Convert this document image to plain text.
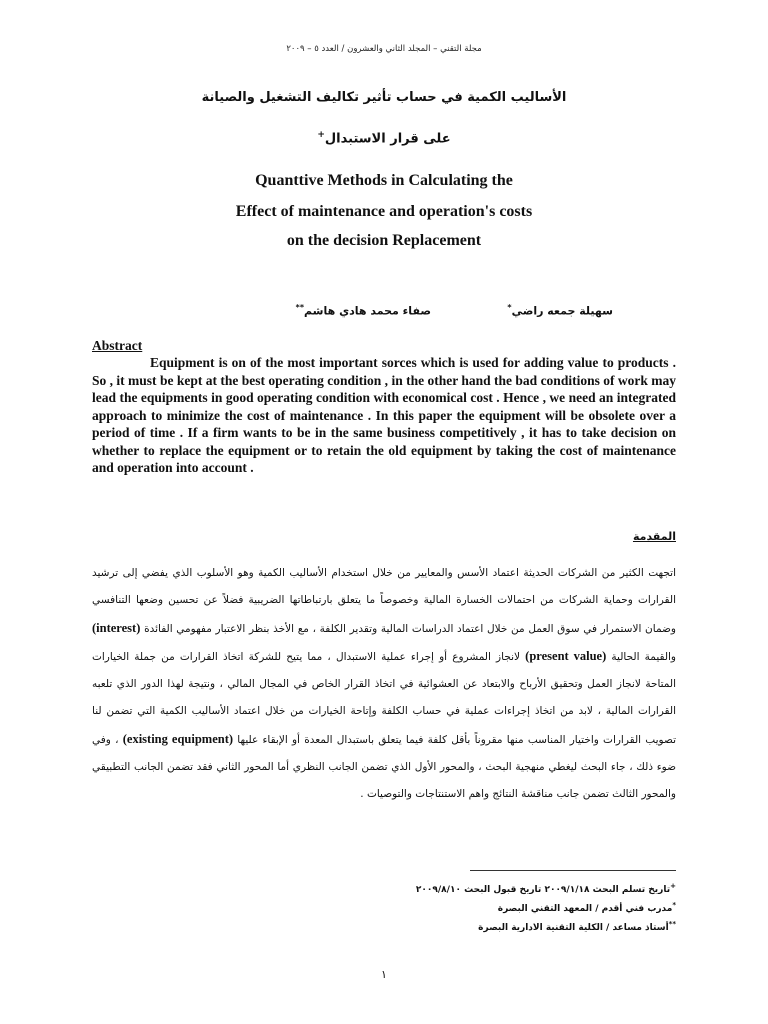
مجلة التقني – المجلد الثاني والعشرون / العدد ٥ – ٢٠٠٩
الأساليب الكمية في حساب تأثير تكاليف التشغيل والصيانة
على قرار الاستبدال+
Quanttive Methods in Calculating the
Effect of maintenance and operation's costs
on the decision Replacement
سهيلة جمعه راضي*
صفاء محمد هادي هاشم**
Abstract

Equipment is on of the most important sorces which is used for adding value to products . So , it must be kept at the best operating condition , in the other hand the bad conditions of work may lead the equipments in good operating condition with economical cost . Hence , we need an integrated approach to minimize the cost of maintenance . In this paper the equipment will be obsolete over a period of time . If a firm wants to be in the same business competitively , it has to take decision on whether to replace the equipment or to retain the old equipment by taking the cost of maintenance and operation into account .

المقدمة

اتجهت الكثير من الشركات الحديثة اعتماد الأسس والمعايير من خلال استخدام الأساليب الكمية وهو الأسلوب الذي يفضي إلى ترشيد القرارات وحماية الشركات من احتمالات الخسارة المالية وخصوصاً ما يتعلق بارتباطاتها الضريبية فضلاً عن تحسين وضعها التنافسي وضمان الاستمرار في سوق العمل من خلال اعتماد الدراسات المالية وتقدير الكلفة ، مع الأخذ بنظر الاعتبار مفهومي الفائدة (interest) والقيمة الحالية (present value) لانجاز المشروع أو إجراء عملية الاستبدال ، مما يتيح للشركة اتخاذ القرارات من جملة الخيارات المتاحة لانجاز العمل وتحقيق الأرباح والابتعاد عن العشوائية في اتخاذ القرار الخاص في المجال المالي ، ونتيجة لهذا الدور الذي تلعبه القرارات المالية ، لابد من اتخاذ إجراءات عملية في حساب الكلفة وإتاحة الخيارات من خلال اعتماد الأساليب الكمية التي تضمن لنا تصويب القرارات واختيار المناسب منها مقروناً بأقل كلفة فيما يتعلق باستبدال المعدة أو الإبقاء عليها (existing equipment) ، وفي ضوء ذلك ، جاء البحث ليغطي منهجية البحث ، والمحور الأول الذي تضمن الجانب النظري أما المحور الثاني فقد تضمن الجانب التطبيقي والمحور الثالث تضمن جانب مناقشة النتائج واهم الاستنتاجات والتوصيات .

+تاريخ تسلم البحث ٢٠٠٩/١/١٨ تاريخ قبول البحث ٢٠٠٩/٨/١٠
*مدرب فني أقدم / المعهد التقني البصرة
**أستاذ مساعد / الكلية التقنية الادارية البصرة
١
